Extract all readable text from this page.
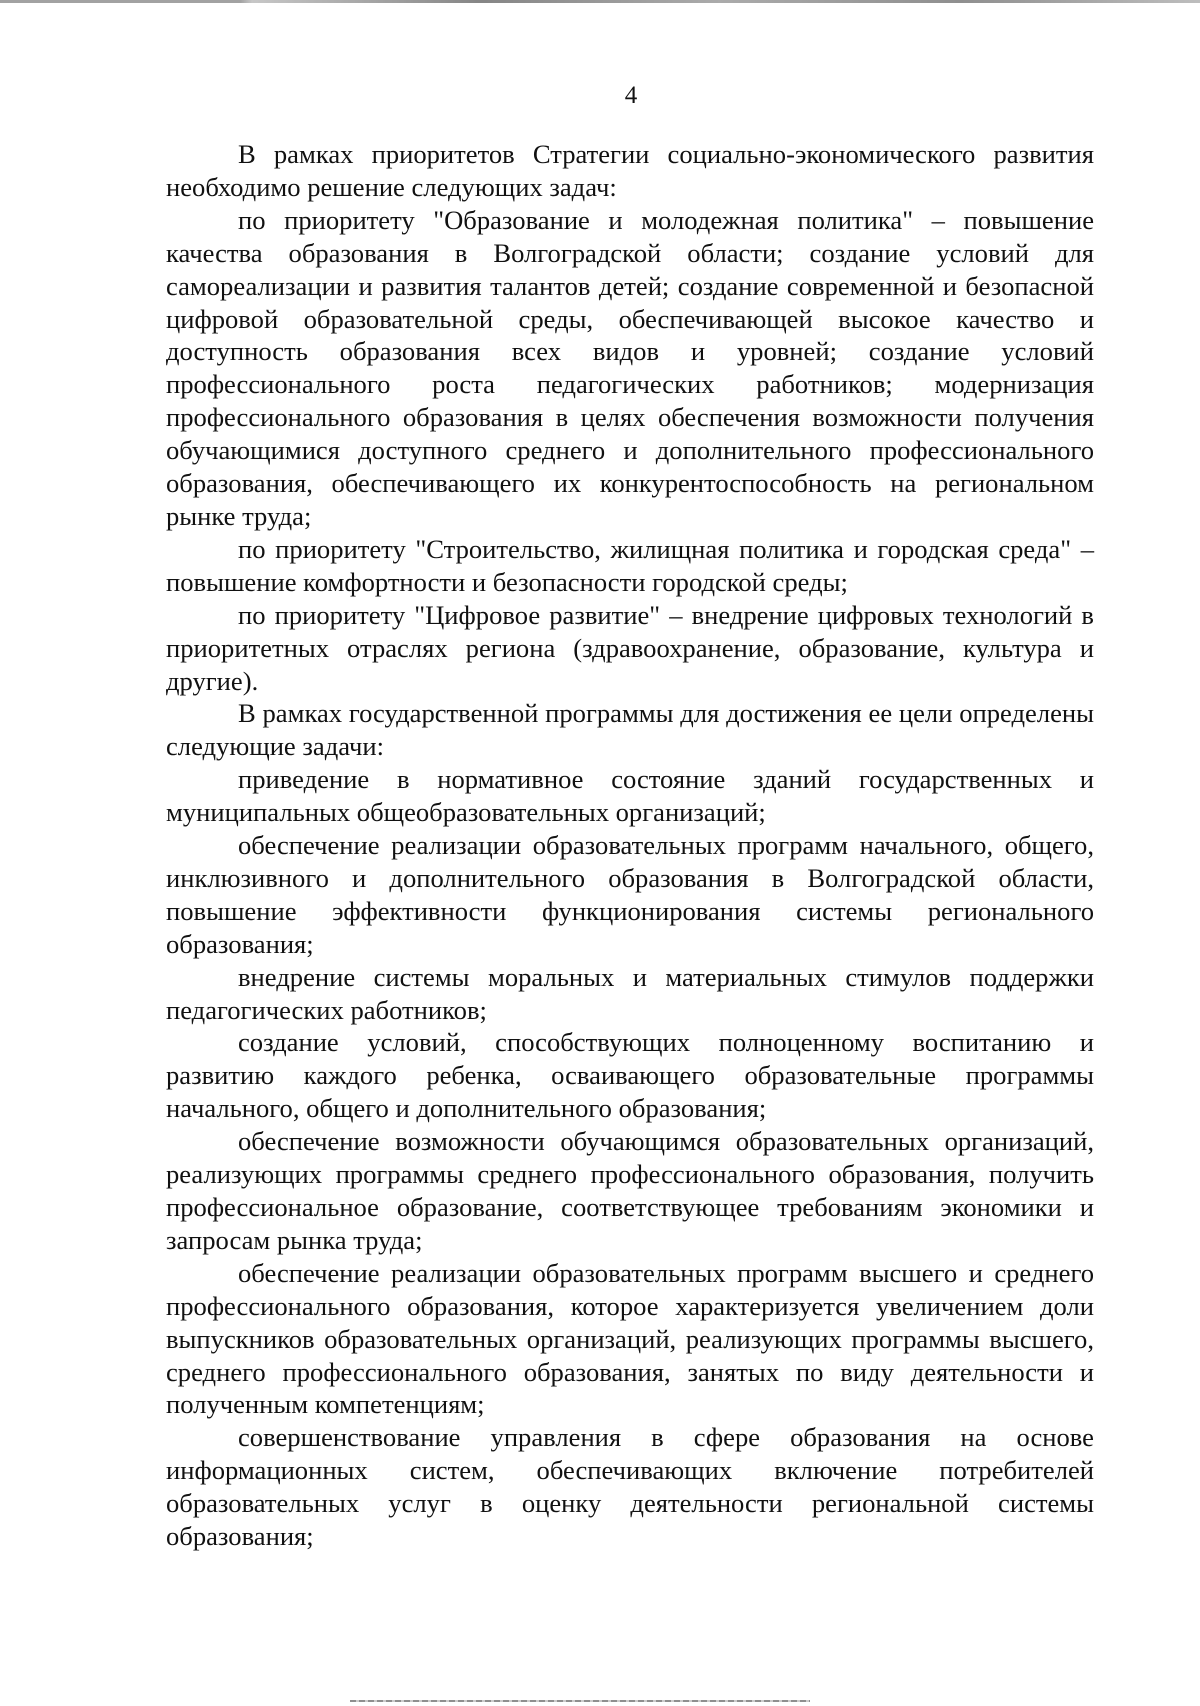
4

В рамках приоритетов Стратегии социально-экономического развития необходимо решение следующих задач:

по приоритету "Образование и молодежная политика" – повышение качества образования в Волгоградской области; создание условий для самореализации и развития талантов детей; создание современной и безопасной цифровой образовательной среды, обеспечивающей высокое качество и доступность образования всех видов и уровней; создание условий профессионального роста педагогических работников; модернизация профессионального образования в целях обеспечения возможности получения обучающимися доступного среднего и дополнительного профессионального образования, обеспечивающего их конкурентоспособность на региональном рынке труда;

по приоритету "Строительство, жилищная политика и городская среда" – повышение комфортности и безопасности городской среды;

по приоритету "Цифровое развитие" – внедрение цифровых технологий в приоритетных отраслях региона (здравоохранение, образование, культура и другие).

В рамках государственной программы для достижения ее цели определены следующие задачи:

приведение в нормативное состояние зданий государственных и муниципальных общеобразовательных организаций;

обеспечение реализации образовательных программ начального, общего, инклюзивного и дополнительного образования в Волгоградской области, повышение эффективности функционирования системы регионального образования;

внедрение системы моральных и материальных стимулов поддержки педагогических работников;

создание условий, способствующих полноценному воспитанию и развитию каждого ребенка, осваивающего образовательные программы начального, общего и дополнительного образования;

обеспечение возможности обучающимся образовательных организаций, реализующих программы среднего профессионального образования, получить профессиональное образование, соответствующее требованиям экономики и запросам рынка труда;

обеспечение реализации образовательных программ высшего и среднего профессионального образования, которое характеризуется увеличением доли выпускников образовательных организаций, реализующих программы высшего, среднего профессионального образования, занятых по виду деятельности и полученным компетенциям;

совершенствование управления в сфере образования на основе информационных систем, обеспечивающих включение потребителей образовательных услуг в оценку деятельности региональной системы образования;
